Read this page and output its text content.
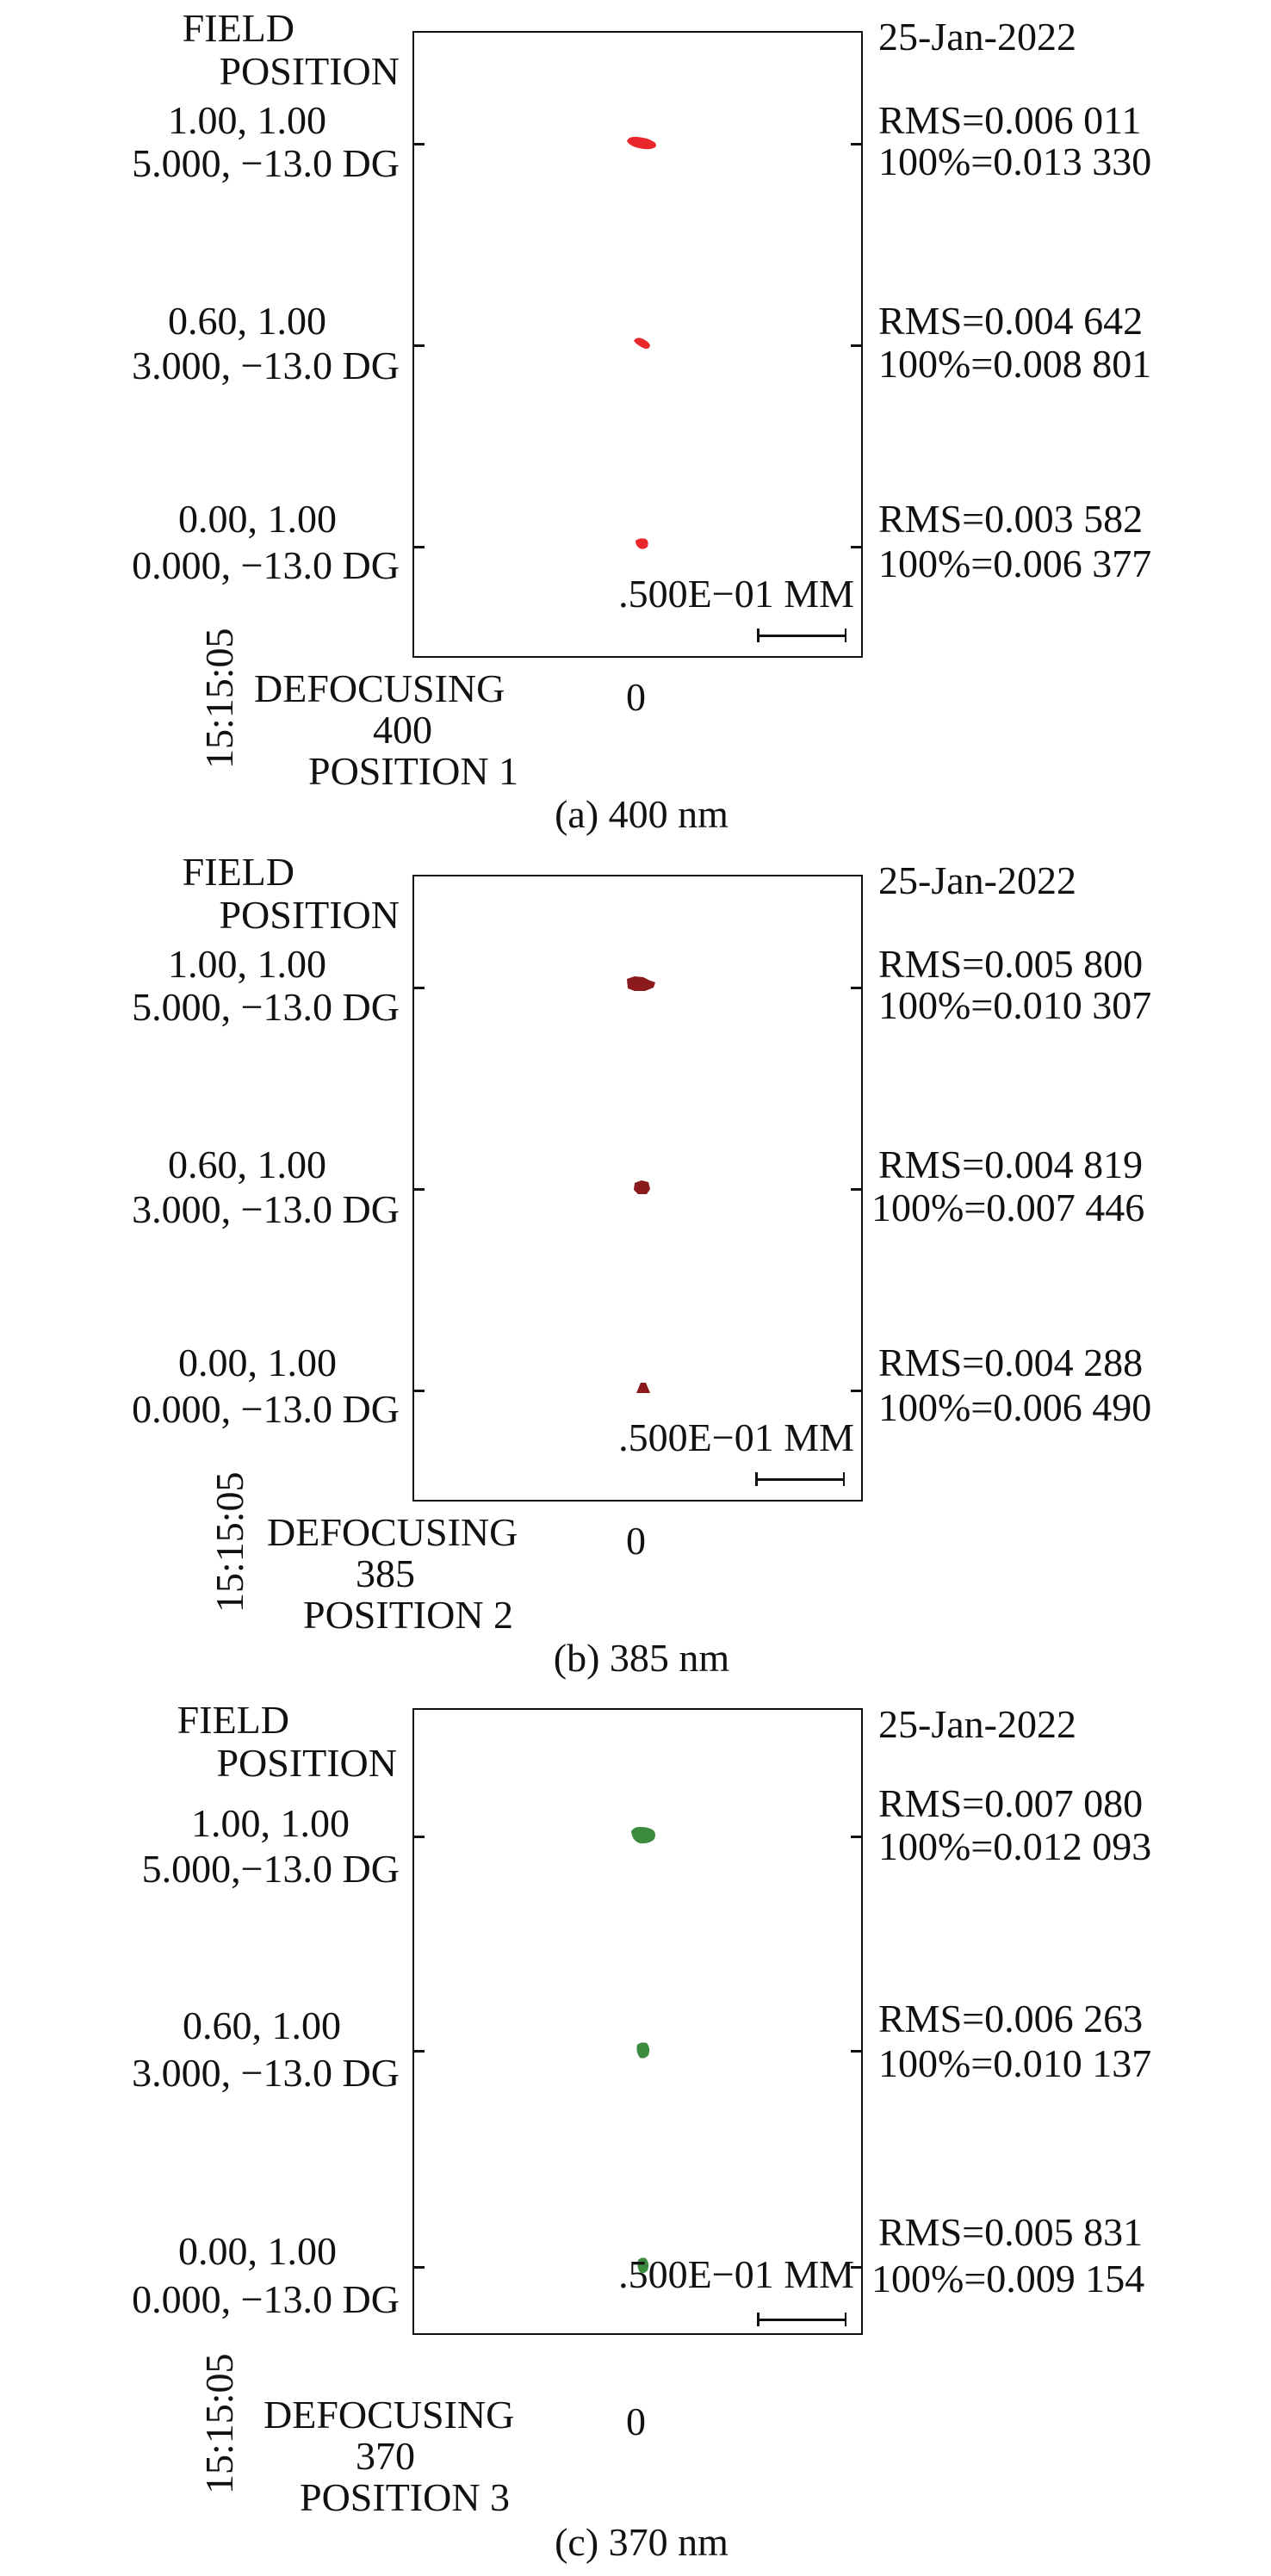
.500E−01 MM
FIELD
POSITION
1.00, 1.00
5.000, −13.0 DG
0.60, 1.00
3.000, −13.0 DG
0.00, 1.00
0.000, −13.0 DG
25-Jan-2022
RMS=0.006 011
100%=0.013 330
RMS=0.004 642
100%=0.008 801
RMS=0.003 582
100%=0.006 377
15:15:05 DEFOCUSING	0
400
POSITION 1
(a) 400 nm
.500E−01 MM
FIELD
POSITION
1.00, 1.00
5.000, −13.0 DG
0.60, 1.00
3.000, −13.0 DG
0.00, 1.00
0.000, −13.0 DG
25-Jan-2022
RMS=0.005 800
100%=0.010 307
RMS=0.004 819
100%=0.007 446
RMS=0.004 288
100%=0.006 490
15:15:05 DEFOCUSING	0
385
POSITION 2
(b) 385 nm
.500E−01 MM
FIELD
POSITION
1.00, 1.00
5.000,−13.0 DG
0.60, 1.00
3.000, −13.0 DG
0.00, 1.00
0.000, −13.0 DG
25-Jan-2022
RMS=0.007 080
100%=0.012 093
RMS=0.006 263
100%=0.010 137
RMS=0.005 831
100%=0.009 154
15:15:05 DEFOCUSING	0
370
POSITION 3
(c) 370 nm
